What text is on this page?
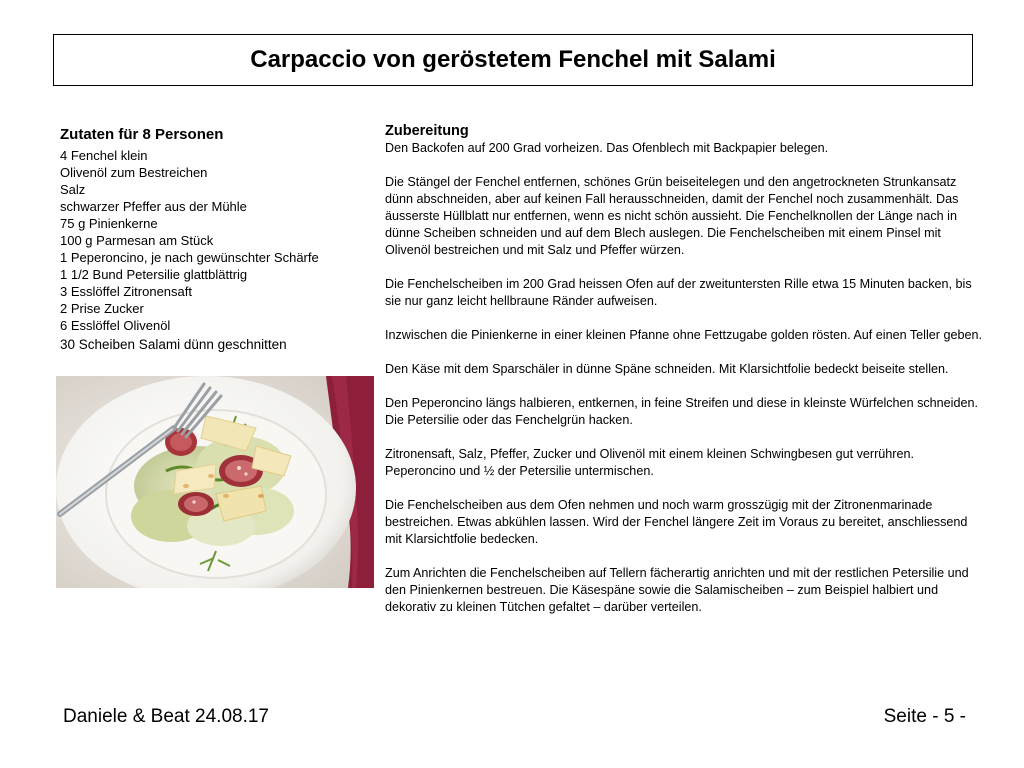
Carpaccio von geröstetem Fenchel mit Salami
Zutaten für 8 Personen
4 Fenchel klein
Olivenöl zum Bestreichen
Salz
schwarzer Pfeffer aus der Mühle
75 g Pinienkerne
100 g Parmesan am Stück
1 Peperoncino, je nach gewünschter Schärfe
1 1/2 Bund Petersilie glattblättrig
3 Esslöffel Zitronensaft
2 Prise Zucker
6 Esslöffel Olivenöl
30 Scheiben Salami dünn geschnitten
Zubereitung

Den Backofen auf 200 Grad vorheizen. Das Ofenblech mit Backpapier belegen.

Die Stängel der Fenchel entfernen, schönes Grün beiseitelegen und den angetrockneten Strunkansatz dünn abschneiden, aber auf keinen Fall herausschneiden, damit der Fenchel noch zusammenhält. Das äusserste Hüllblatt nur entfernen, wenn es nicht schön aussieht. Die Fenchelknollen der Länge nach in dünne Scheiben schneiden und auf dem Blech auslegen. Die Fenchelscheiben mit einem Pinsel mit Olivenöl bestreichen und mit Salz und Pfeffer würzen.

Die Fenchelscheiben im 200 Grad heissen Ofen auf der zweituntersten Rille etwa 15 Minuten backen, bis sie nur ganz leicht hellbraune Ränder aufweisen.

Inzwischen die Pinienkerne in einer kleinen Pfanne ohne Fettzugabe golden rösten. Auf einen Teller geben.

Den Käse mit dem Sparschäler in dünne Späne schneiden. Mit Klarsichtfolie bedeckt beiseite stellen.

Den Peperoncino längs halbieren, entkernen, in feine Streifen und diese in kleinste Würfelchen schneiden. Die Petersilie oder das Fenchelgrün hacken.

Zitronensaft, Salz, Pfeffer, Zucker und Olivenöl mit einem kleinen Schwingbesen gut verrühren. Peperoncino und ½ der Petersilie untermischen.

Die Fenchelscheiben aus dem Ofen nehmen und noch warm grosszügig mit der Zitronenmarinade bestreichen. Etwas abkühlen lassen. Wird der Fenchel längere Zeit im Voraus zu bereitet, anschliessend mit Klarsichtfolie bedecken.

Zum Anrichten die Fenchelscheiben auf Tellern fächerartig anrichten und mit der restlichen Petersilie und den Pinienkernen bestreuen. Die Käsespäne sowie die Salamischeiben – zum Beispiel halbiert und dekorativ zu kleinen Tütchen gefaltet – darüber verteilen.

Daniele & Beat 24.08.17	Seite - 5 -
